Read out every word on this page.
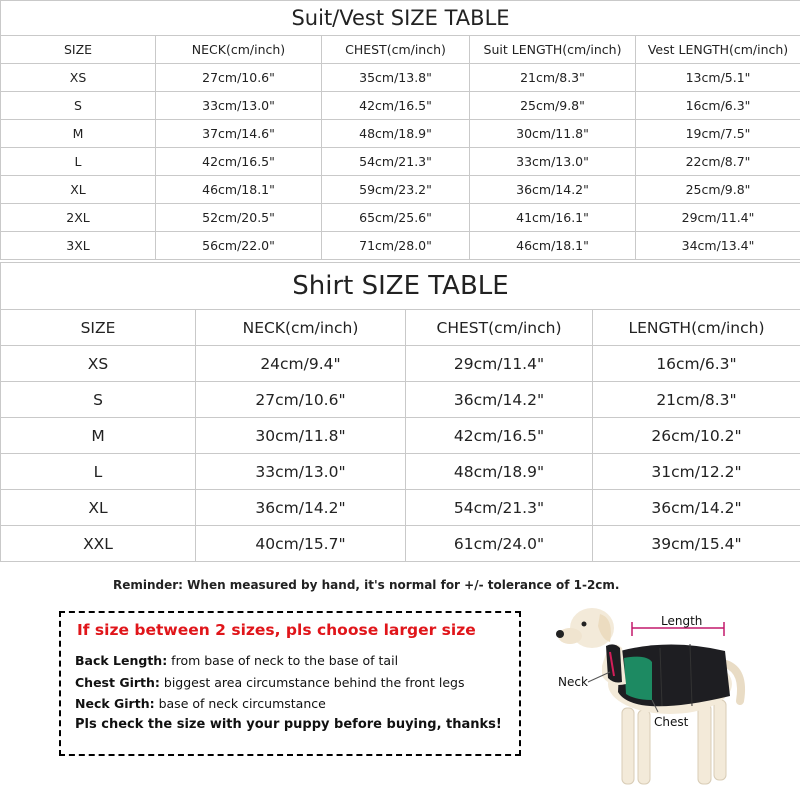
Suit/Vest SIZE TABLE				
SIZE	NECK(cm/inch)	CHEST(cm/inch)	Suit LENGTH(cm/inch)	Vest LENGTH(cm/inch)
XS	27cm/10.6"	35cm/13.8"	21cm/8.3"	13cm/5.1"
S	33cm/13.0"	42cm/16.5"	25cm/9.8"	16cm/6.3"
M	37cm/14.6"	48cm/18.9"	30cm/11.8"	19cm/7.5"
L	42cm/16.5"	54cm/21.3"	33cm/13.0"	22cm/8.7"
XL	46cm/18.1"	59cm/23.2"	36cm/14.2"	25cm/9.8"
2XL	52cm/20.5"	65cm/25.6"	41cm/16.1"	29cm/11.4"
3XL	56cm/22.0"	71cm/28.0"	46cm/18.1"	34cm/13.4"
Shirt SIZE TABLE			
SIZE	NECK(cm/inch)	CHEST(cm/inch)	LENGTH(cm/inch)
XS	24cm/9.4"	29cm/11.4"	16cm/6.3"
S	27cm/10.6"	36cm/14.2"	21cm/8.3"
M	30cm/11.8"	42cm/16.5"	26cm/10.2"
L	33cm/13.0"	48cm/18.9"	31cm/12.2"
XL	36cm/14.2"	54cm/21.3"	36cm/14.2"
XXL	40cm/15.7"	61cm/24.0"	39cm/15.4"
Reminder: When measured by hand, it's normal for +/- tolerance of 1-2cm.
If size between 2 sizes, pls choose larger size
Back Length: from base of neck to the base of tail
Chest Girth: biggest area circumstance behind the front legs
Neck Girth: base of neck circumstance
Pls check the size with your puppy before buying, thanks!
Length
Neck
Chest
